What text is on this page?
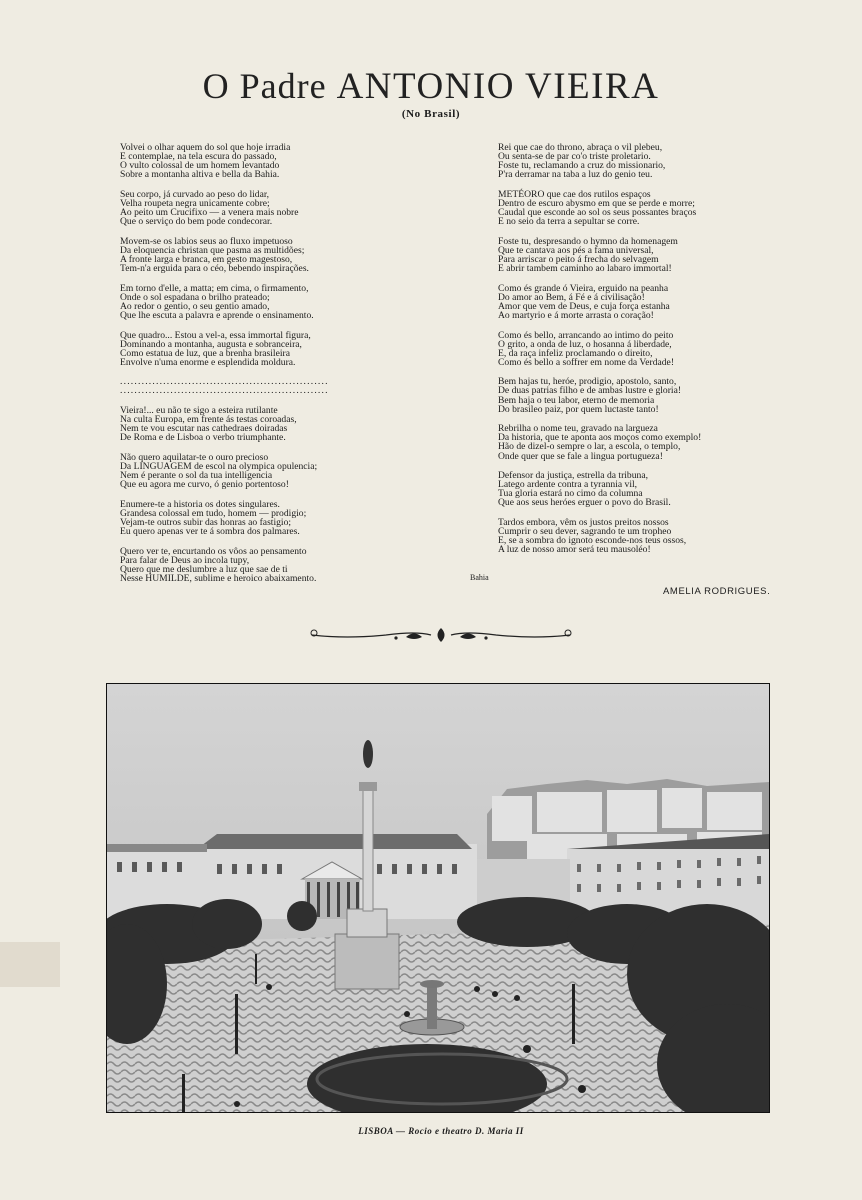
O Padre ANTONIO VIEIRA
(No Brasil)

Volvei o olhar aquem do sol que hoje irradia

E contemplae, na tela escura do passado,

O vulto colossal de um homem levantado

Sobre a montanha altiva e bella da Bahia.

Seu corpo, já curvado ao peso do lidar,

Velha roupeta negra unicamente cobre;

Ao peito um Crucifixo — a venera mais nobre

Que o serviço do bem pode condecorar.

Movem-se os labios seus ao fluxo impetuoso

Da eloquencia christan que pasma as multidões;

A fronte larga e branca, em gesto magestoso,

Tem-n'a erguida para o céo, bebendo inspirações.

Em torno d'elle, a matta; em cima, o firmamento,

Onde o sol espadana o brilho prateado;

Ao redor o gentio, o seu gentio amado,

Que lhe escuta a palavra e aprende o ensinamento.

Que quadro... Estou a vel-a, essa immortal figura,

Dominando a montanha, augusta e sobranceira,

Como estatua de luz, que a brenha brasileira

Envolve n'uma enorme e esplendida moldura.

..........................................................
..........................................................

Vieira!... eu não te sigo a esteira rutilante

Na culta Europa, em frente ás testas coroadas,

Nem te vou escutar nas cathedraes doiradas

De Roma e de Lisboa o verbo triumphante.

Não quero aquilatar-te o ouro precioso

Da LINGUAGEM de escol na olympica opulencia;

Nem é perante o sol da tua intelligencia

Que eu agora me curvo, ó genio portentoso!

Enumere-te a historia os dotes singulares.

Grandesa colossal em tudo, homem — prodigio;

Vejam-te outros subir das honras ao fastigio;

Eu quero apenas ver te á sombra dos palmares.

Quero ver te, encurtando os vôos ao pensamento

Para falar de Deus ao incola tupy,

Quero que me deslumbre a luz que sae de ti

Nesse HUMILDE, sublime e heroico abaixamento.

Rei que cae do throno, abraça o vil plebeu,

Ou senta-se de par co'o triste proletario.

Foste tu, reclamando a cruz do missionario,

P'ra derramar na taba a luz do genio teu.

METÉORO que cae dos rutilos espaços

Dentro de escuro abysmo em que se perde e morre;

Caudal que esconde ao sol os seus possantes braços

E no seio da terra a sepultar se corre.

Foste tu, despresando o hymno da homenagem

Que te cantava aos pés a fama universal,

Para arriscar o peito á frecha do selvagem

E abrir tambem caminho ao labaro immortal!

Como és grande ó Vieira, erguido na peanha

Do amor ao Bem, á Fé e á civilisação!

Amor que vem de Deus, e cuja força estanha

Ao martyrio e á morte arrasta o coração!

Como és bello, arrancando ao intimo do peito

O grito, a onda de luz, o hosanna á liberdade,

E, da raça infeliz proclamando o direito,

Como és bello a soffrer em nome da Verdade!

Bem hajas tu, heróe, prodigio, apostolo, santo,

De duas patrias filho e de ambas lustre e gloria!

Bem haja o teu labor, eterno de memoria

Do brasileo paiz, por quem luctaste tanto!

Rebrilha o nome teu, gravado na largueza

Da historia, que te aponta aos moços como exemplo!

Hão de dizel-o sempre o lar, a escola, o templo,

Onde quer que se fale a lingua portugueza!

Defensor da justiça, estrella da tribuna,

Latego ardente contra a tyrannia vil,

Tua gloria estará no cimo da columna

Que aos seus heróes erguer o povo do Brasil.

Tardos embora, vêm os justos preitos nossos

Cumprir o seu dever, sagrando te um tropheo

E, se a sombra do ignoto esconde-nos teus ossos,

A luz de nosso amor será teu mausoléo!

Bahia
AMELIA RODRIGUES.
LISBOA — Rocio e theatro D. Maria II
